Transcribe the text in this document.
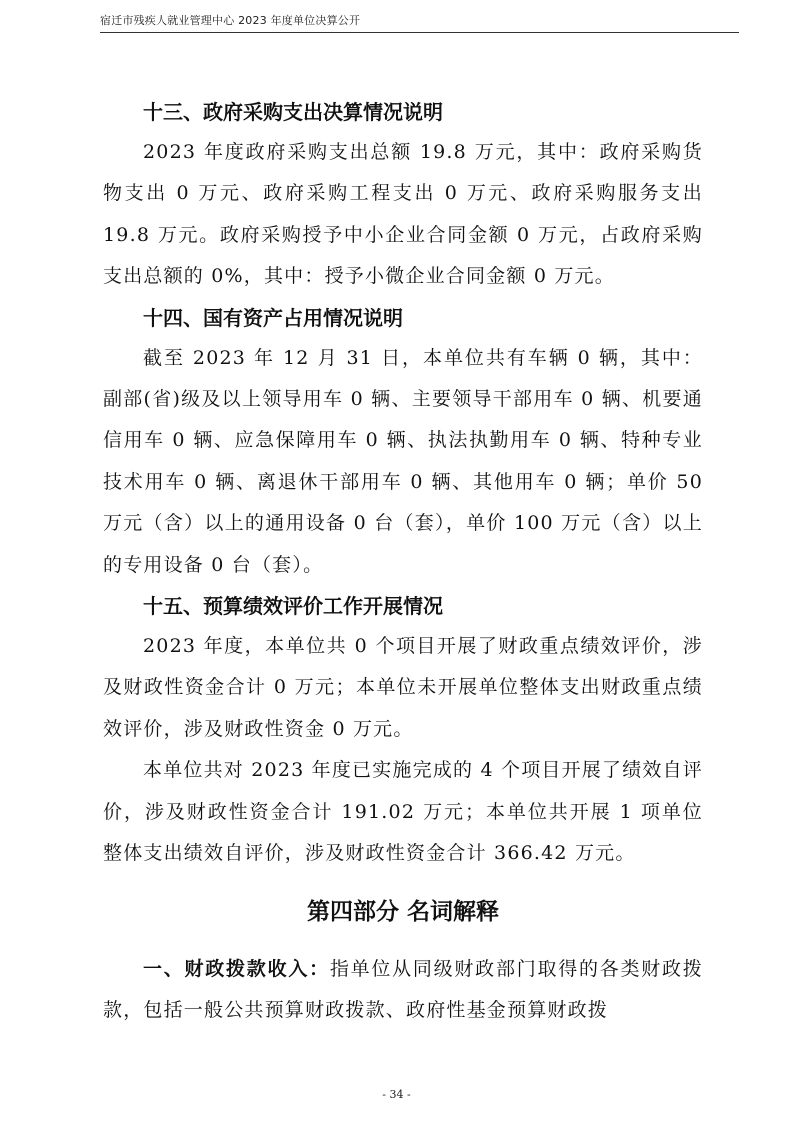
宿迁市残疾人就业管理中心 2023 年度单位决算公开
十三、政府采购支出决算情况说明

2023 年度政府采购支出总额 19.8 万元，其中：政府采购货物支出 0 万元、政府采购工程支出 0 万元、政府采购服务支出 19.8 万元。政府采购授予中小企业合同金额 0 万元，占政府采购支出总额的 0%，其中：授予小微企业合同金额 0 万元。

十四、国有资产占用情况说明

截至 2023 年 12 月 31 日，本单位共有车辆 0 辆，其中：副部(省)级及以上领导用车 0 辆、主要领导干部用车 0 辆、机要通信用车 0 辆、应急保障用车 0 辆、执法执勤用车 0 辆、特种专业技术用车 0 辆、离退休干部用车 0 辆、其他用车 0 辆；单价 50 万元（含）以上的通用设备 0 台（套），单价 100 万元（含）以上的专用设备 0 台（套）。

十五、预算绩效评价工作开展情况

2023 年度，本单位共 0 个项目开展了财政重点绩效评价，涉及财政性资金合计 0 万元；本单位未开展单位整体支出财政重点绩效评价，涉及财政性资金 0 万元。

本单位共对 2023 年度已实施完成的 4 个项目开展了绩效自评价，涉及财政性资金合计 191.02 万元；本单位共开展 1 项单位整体支出绩效自评价，涉及财政性资金合计 366.42 万元。

第四部分 名词解释

一、财政拨款收入：指单位从同级财政部门取得的各类财政拨款，包括一般公共预算财政拨款、政府性基金预算财政拨

- 34 -
